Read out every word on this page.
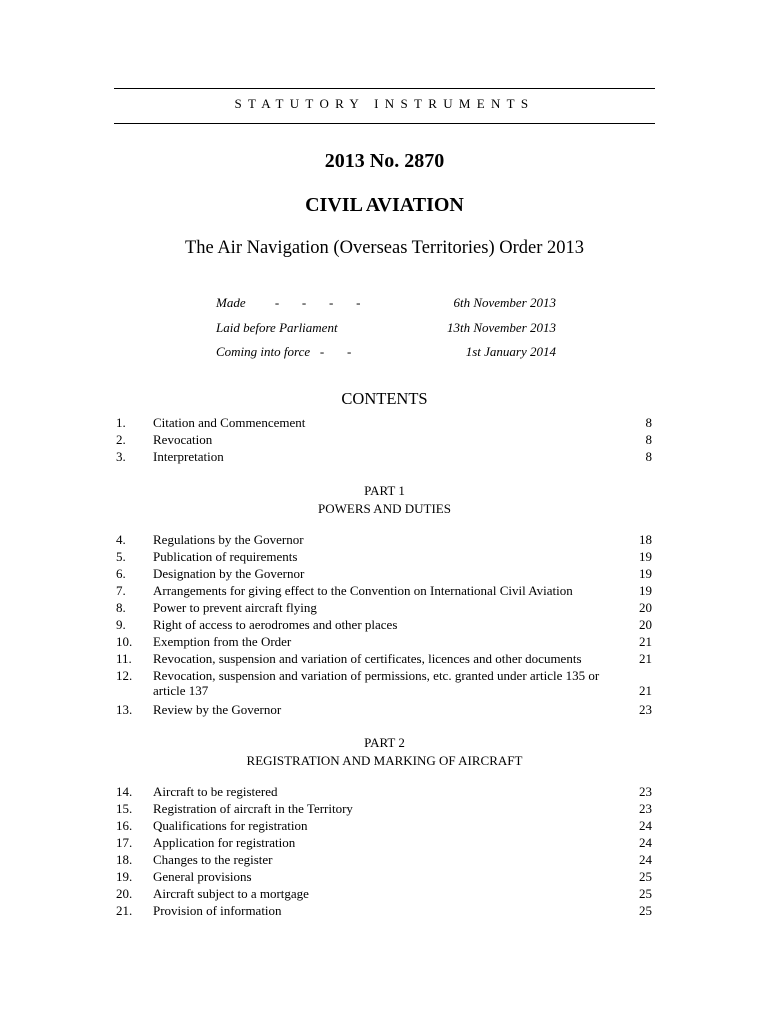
STATUTORY INSTRUMENTS
2013 No. 2870
CIVIL AVIATION
The Air Navigation (Overseas Territories) Order 2013
Made         -       -       -       -	6th November 2013
Laid before Parliament	13th November 2013
Coming into force   -       -	1st January 2014
CONTENTS
1. Citation and Commencement	8
2. Revocation	8
3. Interpretation	8
PART 1
POWERS AND DUTIES
4. Regulations by the Governor	18
5. Publication of requirements	19
6. Designation by the Governor	19
7. Arrangements for giving effect to the Convention on International Civil Aviation	19
8. Power to prevent aircraft flying	20
9. Right of access to aerodromes and other places	20
10. Exemption from the Order	21
11. Revocation, suspension and variation of certificates, licences and other documents	21
12. Revocation, suspension and variation of permissions, etc. granted under article 135 or article 137	21
13. Review by the Governor	23
PART 2
REGISTRATION AND MARKING OF AIRCRAFT
14. Aircraft to be registered	23
15. Registration of aircraft in the Territory	23
16. Qualifications for registration	24
17. Application for registration	24
18. Changes to the register	24
19. General provisions	25
20. Aircraft subject to a mortgage	25
21. Provision of information	25
